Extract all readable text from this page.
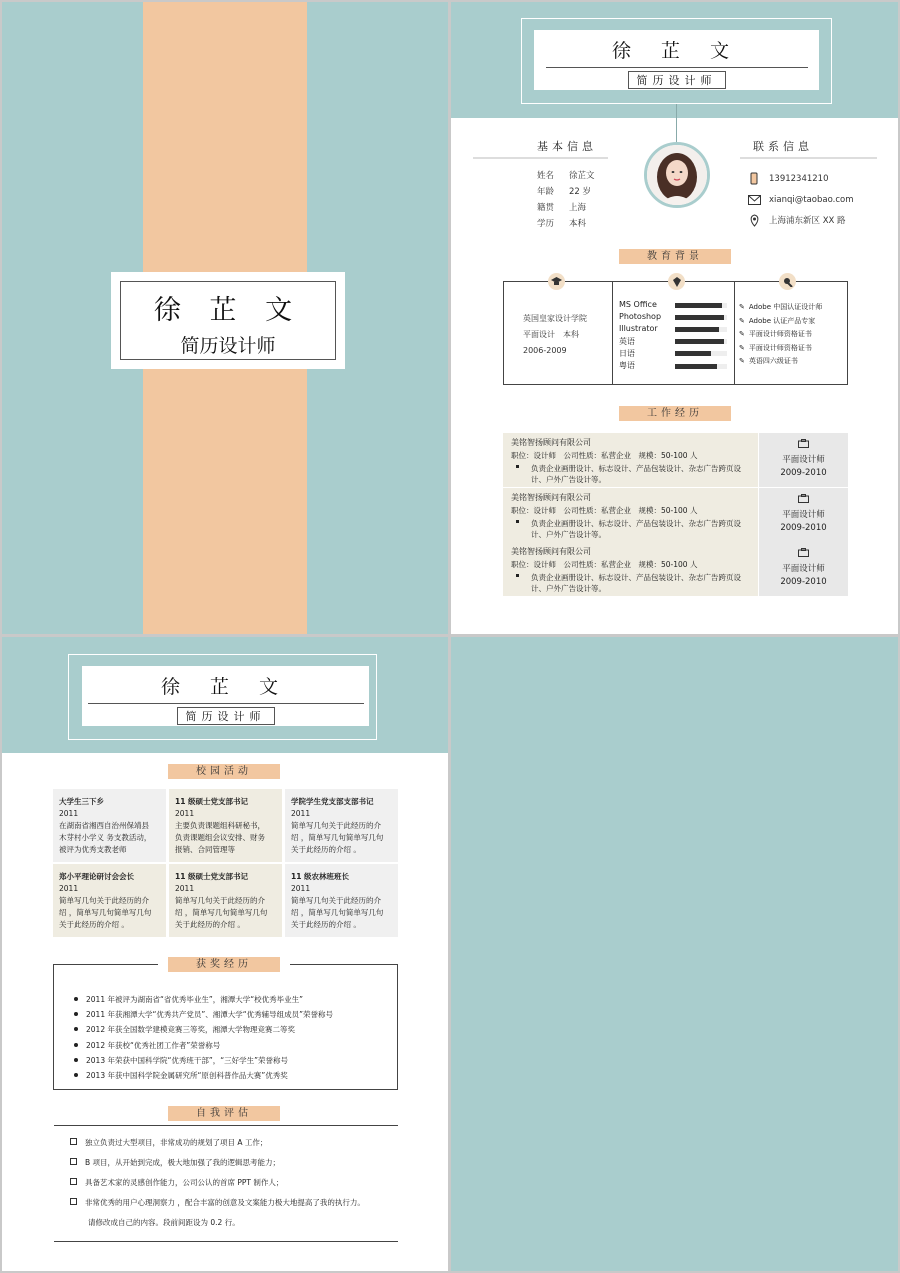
徐 芷 文
简历设计师
徐 芷 文
简历设计师
基本信息	联系信息
姓名 徐芷文
年龄 22 岁
籍贯 上海
学历 本科
13912341210
xianqi@taobao.com
上海浦东新区 XX 路
教育背景
英国皇家设计学院
平面设计　本科
2006-2009
MS Office
Photoshop
Illustrator
英语
日语
粤语
✎ Adobe 中国认证设计师
✎ Adobe 认证产品专家
✎ 平面设计师资格证书
✎ 平面设计师资格证书
✎ 英语四六级证书
工作经历
美铭智扬顾问有限公司
职位：设计师　公司性质：私营企业　规模：50-100 人
负责企业画册设计、标志设计、产品包装设计、杂志广告跨页设
计、户外广告设计等。
平面设计师
2009-2010
美铭智扬顾问有限公司
职位：设计师　公司性质：私营企业　规模：50-100 人
负责企业画册设计、标志设计、产品包装设计、杂志广告跨页设
计、户外广告设计等。
平面设计师
2009-2010
美铭智扬顾问有限公司
职位：设计师　公司性质：私营企业　规模：50-100 人
负责企业画册设计、标志设计、产品包装设计、杂志广告跨页设
计、户外广告设计等。
平面设计师
2009-2010
徐 芷 文
简历设计师
校园活动
大学生三下乡
2011
在湖南省湘西自治州保靖县
木芽村小学义 务支教活动，
被评为优秀支教老师
11 级硕士党支部书记
2011
主要负责课题组科研秘书，
负责课题组会议安排、财务
报销、合同管理等
学院学生党支部支部书记
2011
简单写几句关于此经历的介
绍 ，简单写几句简单写几句
关于此经历的介绍 。
郑小平理论研讨会会长
2011
简单写几句关于此经历的介
绍 ，简单写几句简单写几句
关于此经历的介绍 。
11 级硕士党支部书记
2011
简单写几句关于此经历的介
绍 ，简单写几句简单写几句
关于此经历的介绍 。
11 级农林班班长
2011
简单写几句关于此经历的介
绍 ，简单写几句简单写几句
关于此经历的介绍 。
2011 年被评为湖南省“省优秀毕业生”，湘潭大学“校优秀毕业生”
2011 年获湘潭大学“优秀共产党员”、湘潭大学“优秀辅导组成员”荣誉称号
2012 年获全国数学建模竞赛三等奖，湘潭大学物理竞赛二等奖
2012 年获校“优秀社团工作者”荣誉称号
2013 年荣获中国科学院“优秀班干部”，“三好学生”荣誉称号
2013 年获中国科学院金属研究所“原创科普作品大赛”优秀奖
获奖经历
自我评估
独立负责过大型项目，非常成功的规划了项目 A 工作；
B 项目，从开始到完成，极大地加强了我的逻辑思考能力；
具备艺术家的灵感创作能力，公司公认的首席 PPT 制作人；
非常优秀的用户心理洞察力 ，配合丰富的创意及文案能力极大地提高了我的执行力。
请修改成自己的内容。段前间距设为 0.2 行。
